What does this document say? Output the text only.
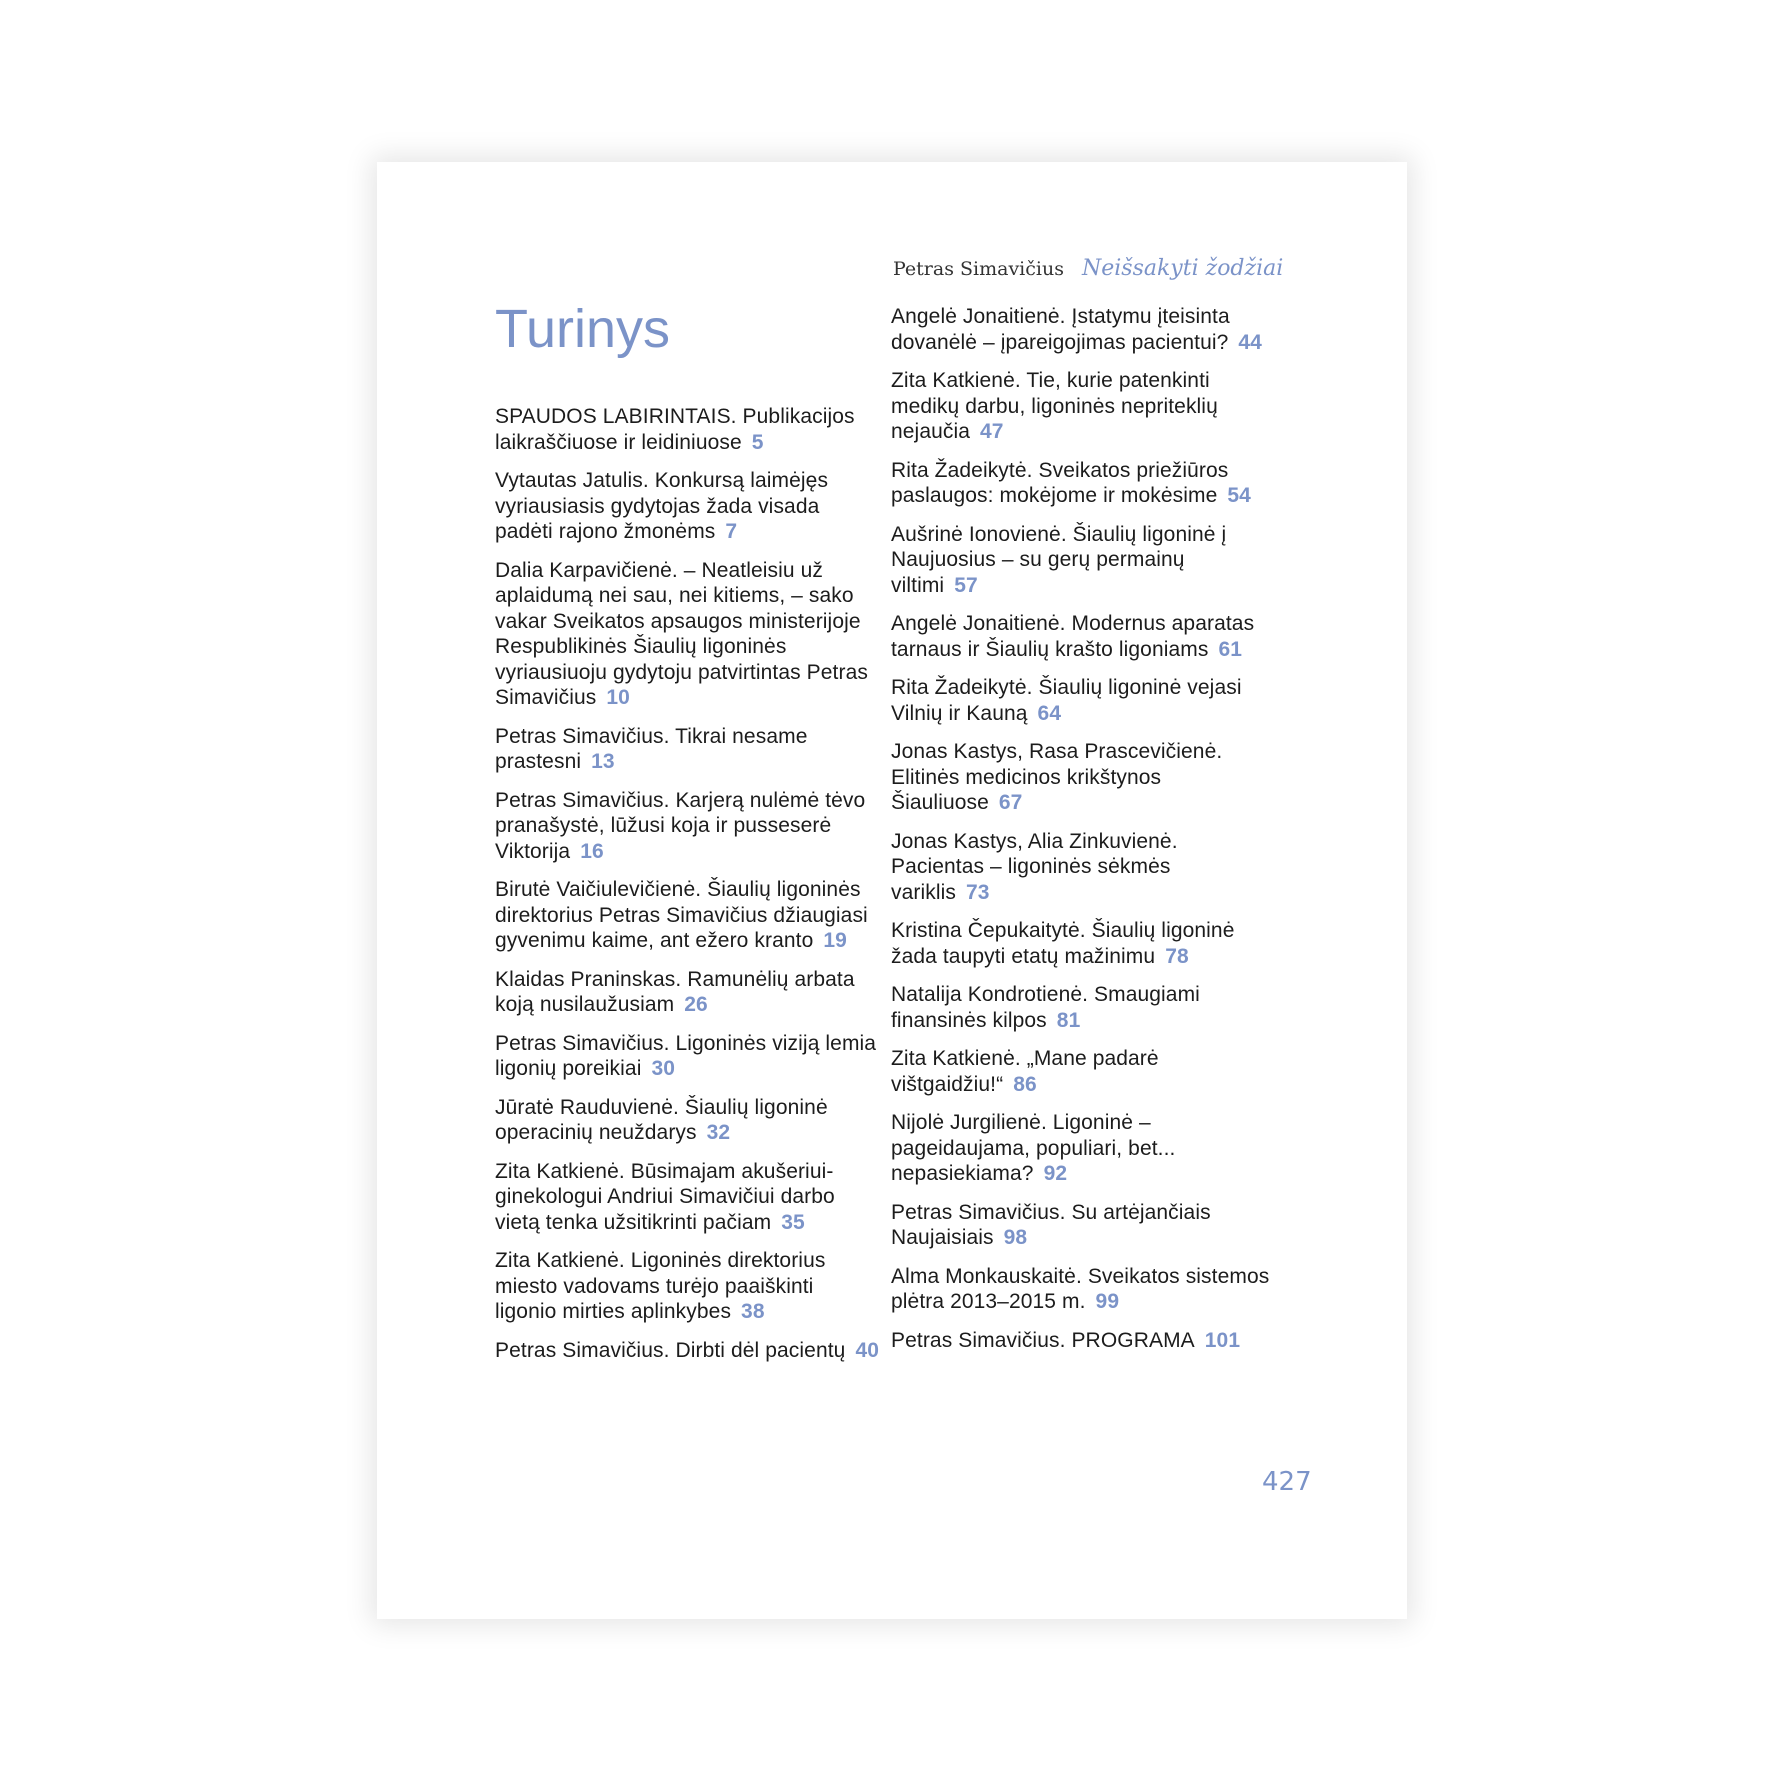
Petras Simavičius Neišsakyti žodžiai
Turinys

SPAUDOS LABIRINTAIS. Publikacijos laikraščiuose ir leidiniuose 5

Vytautas Jatulis. Konkursą laimėjęs vyriausiasis gydytojas žada visada padėti rajono žmonėms 7

Dalia Karpavičienė. – Neatleisiu už aplaidumą nei sau, nei kitiems, – sako vakar Sveikatos apsaugos ministerijoje Respublikinės Šiaulių ligoninės vyriausiuoju gydytoju patvirtintas Petras Simavičius 10

Petras Simavičius. Tikrai nesame prastesni 13

Petras Simavičius. Karjerą nulėmė tėvo pranašystė, lūžusi koja ir pusseserė Viktorija 16

Birutė Vaičiulevičienė. Šiaulių ligoninės direktorius Petras Simavičius džiaugiasi gyvenimu kaime, ant ežero kranto 19

Klaidas Praninskas. Ramunėlių arbata koją nusilaužusiam 26

Petras Simavičius. Ligoninės viziją lemia ligonių poreikiai 30

Jūratė Rauduvienė. Šiaulių ligoninė operacinių neuždarys 32

Zita Katkienė. Būsimajam akušeriui-ginekologui Andriui Simavičiui darbo vietą tenka užsitikrinti pačiam 35

Zita Katkienė. Ligoninės direktorius miesto vadovams turėjo paaiškinti ligonio mirties aplinkybes 38

Petras Simavičius. Dirbti dėl pacientų 40

Angelė Jonaitienė. Įstatymu įteisinta dovanėlė – įpareigojimas pacientui? 44

Zita Katkienė. Tie, kurie patenkinti medikų darbu, ligoninės nepriteklių nejaučia 47

Rita Žadeikytė. Sveikatos priežiūros paslaugos: mokėjome ir mokėsime 54

Aušrinė Ionovienė. Šiaulių ligoninė į Naujuosius – su gerų permainų viltimi 57

Angelė Jonaitienė. Modernus aparatas tarnaus ir Šiaulių krašto ligoniams 61

Rita Žadeikytė. Šiaulių ligoninė vejasi Vilnių ir Kauną 64

Jonas Kastys, Rasa Prascevičienė. Elitinės medicinos krikštynos Šiauliuose 67

Jonas Kastys, Alia Zinkuvienė. Pacientas – ligoninės sėkmės variklis 73

Kristina Čepukaitytė. Šiaulių ligoninė žada taupyti etatų mažinimu 78

Natalija Kondrotienė. Smaugiami finansinės kilpos 81

Zita Katkienė. „Mane padarė vištgaidžiu!“ 86

Nijolė Jurgilienė. Ligoninė – pageidaujama, populiari, bet... nepasiekiama? 92

Petras Simavičius. Su artėjančiais Naujaisiais 98

Alma Monkauskaitė. Sveikatos sistemos plėtra 2013–2015 m. 99

Petras Simavičius. PROGRAMA 101

427
